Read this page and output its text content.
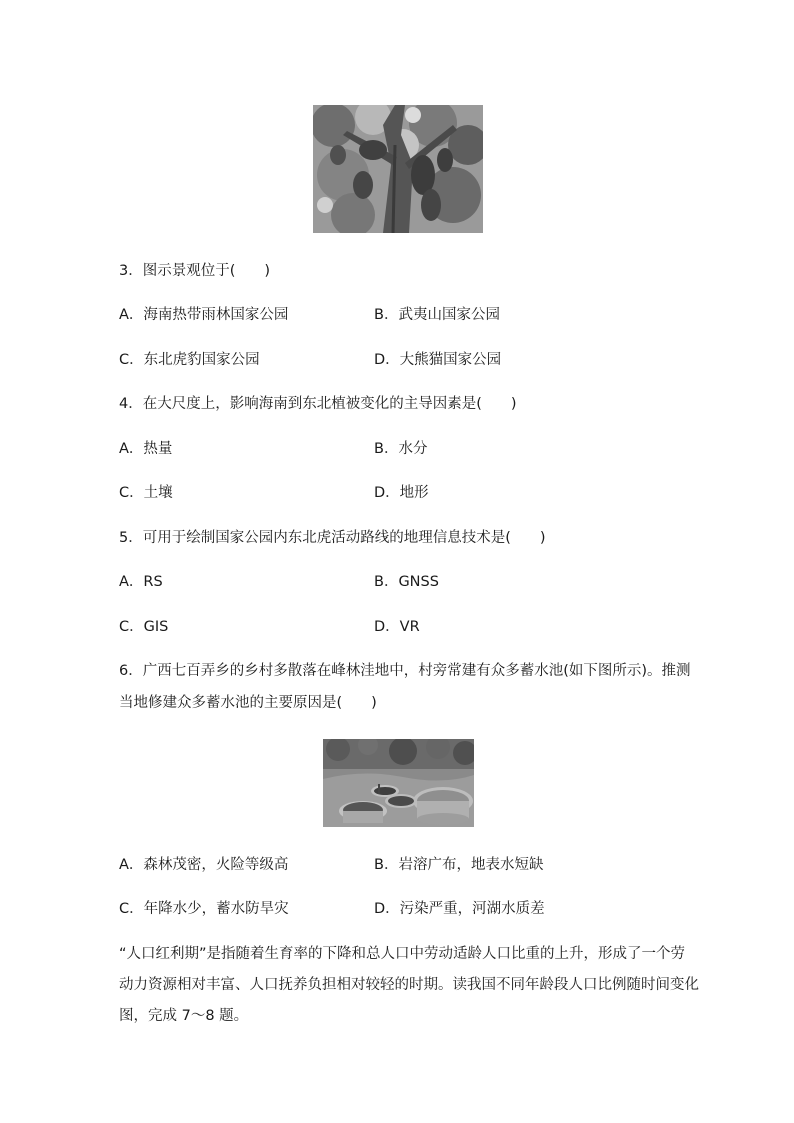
3．图示景观位于(　　)
A．海南热带雨林国家公园	B．武夷山国家公园
C．东北虎豹国家公园	D．大熊猫国家公园
4．在大尺度上，影响海南到东北植被变化的主导因素是(　　)
A．热量	B．水分
C．土壤	D．地形
5．可用于绘制国家公园内东北虎活动路线的地理信息技术是(　　)
A．RS	B．GNSS
C．GIS	D．VR
6．广西七百弄乡的乡村多散落在峰林洼地中，村旁常建有众多蓄水池(如下图所示)。推测
当地修建众多蓄水池的主要原因是(　　)
A．森林茂密，火险等级高	B．岩溶广布，地表水短缺
C．年降水少，蓄水防旱灾	D．污染严重，河湖水质差
“人口红利期”是指随着生育率的下降和总人口中劳动适龄人口比重的上升，形成了一个劳
动力资源相对丰富、人口抚养负担相对较轻的时期。读我国不同年龄段人口比例随时间变化
图，完成 7～8 题。
